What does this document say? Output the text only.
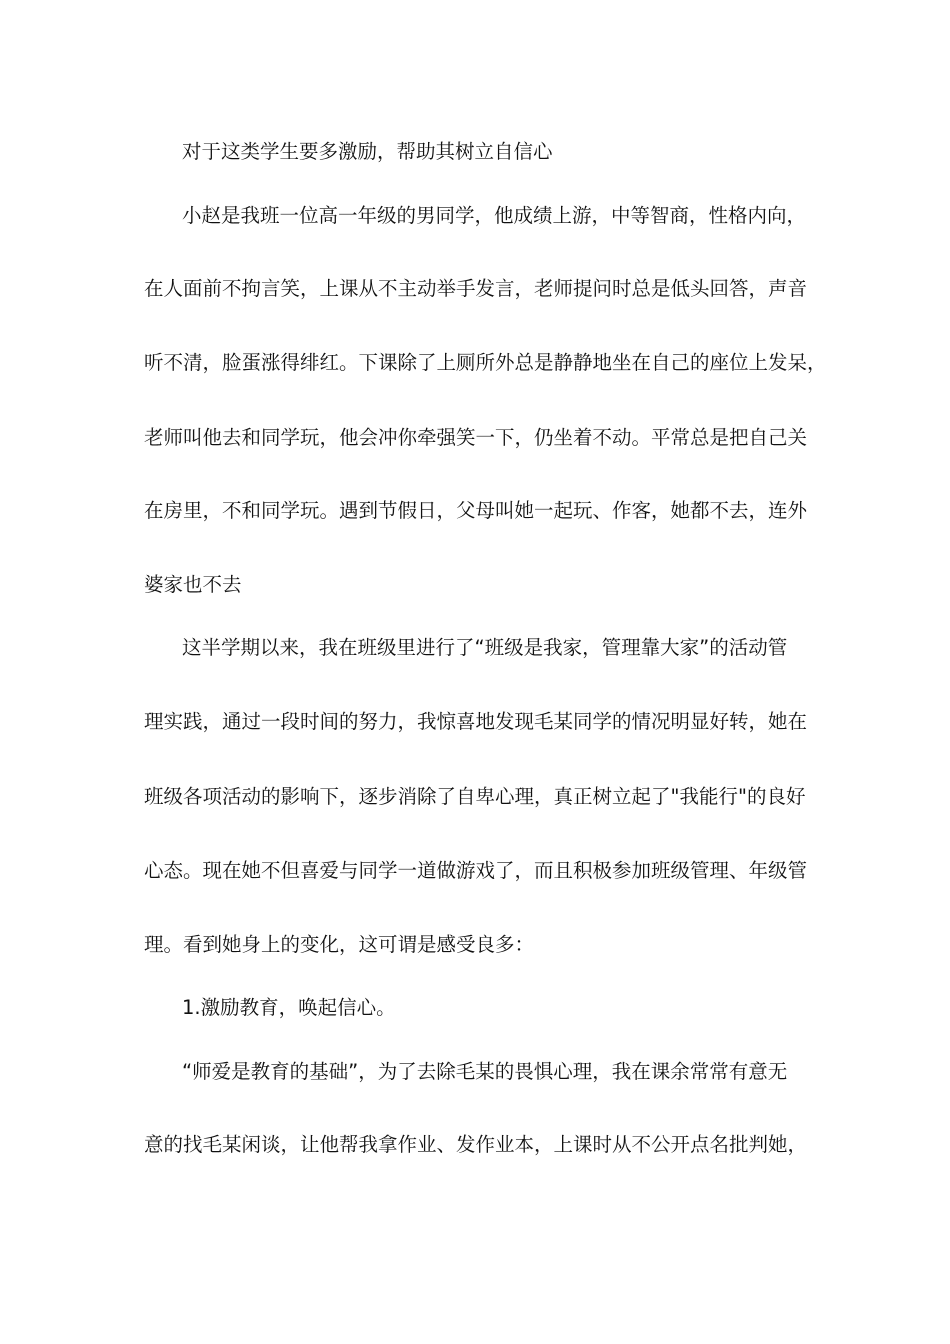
对于这类学生要多激励，帮助其树立自信心
小赵是我班一位高一年级的男同学，他成绩上游，中等智商，性格内向，
在人面前不拘言笑，上课从不主动举手发言，老师提问时总是低头回答，声音
听不清，脸蛋涨得绯红。下课除了上厕所外总是静静地坐在自己的座位上发呆，
老师叫他去和同学玩，他会冲你牵强笑一下，仍坐着不动。平常总是把自己关
在房里，不和同学玩。遇到节假日，父母叫她一起玩、作客，她都不去，连外
婆家也不去
这半学期以来，我在班级里进行了“班级是我家，管理靠大家”的活动管
理实践，通过一段时间的努力，我惊喜地发现毛某同学的情况明显好转，她在
班级各项活动的影响下，逐步消除了自卑心理，真正树立起了"我能行"的良好
心态。现在她不但喜爱与同学一道做游戏了，而且积极参加班级管理、年级管
理。看到她身上的变化，这可谓是感受良多：
1.激励教育，唤起信心。
“师爱是教育的基础”，为了去除毛某的畏惧心理，我在课余常常有意无
意的找毛某闲谈，让他帮我拿作业、发作业本，上课时从不公开点名批判她，
